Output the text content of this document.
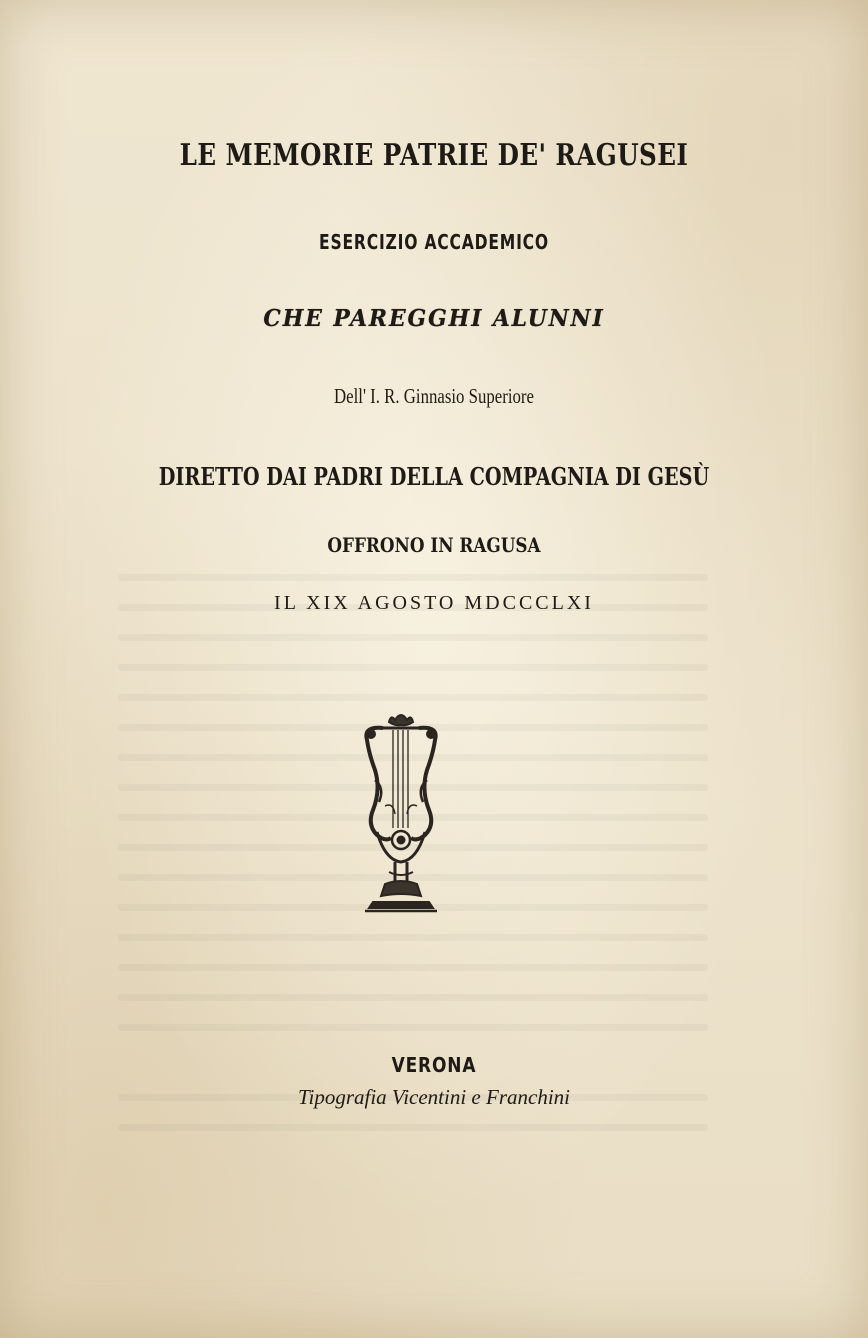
LE MEMORIE PATRIE DE' RAGUSEI
ESERCIZIO ACCADEMICO
CHE PAREGGHI ALUNNI
Dell' I. R. Ginnasio Superiore
DIRETTO DAI PADRI DELLA COMPAGNIA DI GESÙ
OFFRONO IN RAGUSA
IL XIX AGOSTO MDCCCLXI
VERONA
Tipografia Vicentini e Franchini
